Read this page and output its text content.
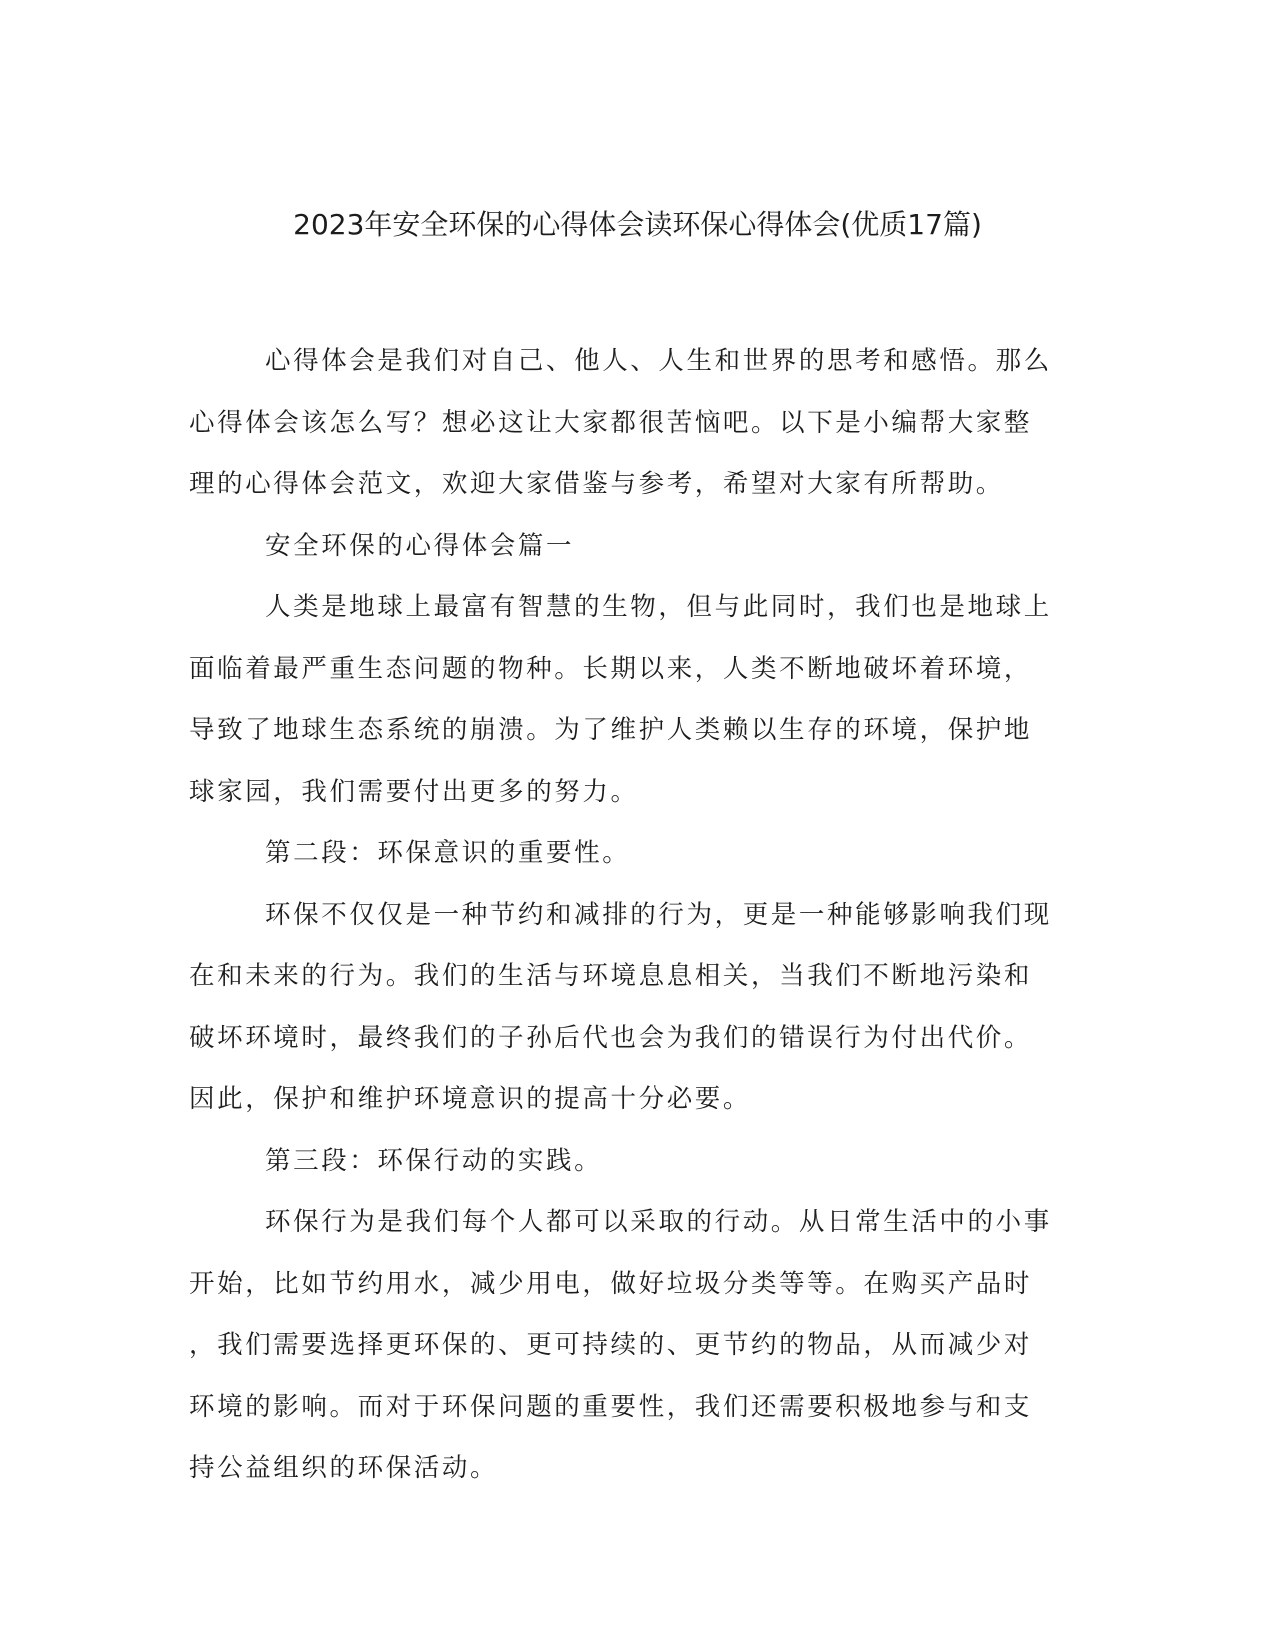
2023年安全环保的心得体会读环保心得体会(优质17篇)

心得体会是我们对自己、他人、人生和世界的思考和感悟。那么
心得体会该怎么写？想必这让大家都很苦恼吧。以下是小编帮大家整
理的心得体会范文，欢迎大家借鉴与参考，希望对大家有所帮助。

安全环保的心得体会篇一

人类是地球上最富有智慧的生物，但与此同时，我们也是地球上
面临着最严重生态问题的物种。长期以来，人类不断地破坏着环境，
导致了地球生态系统的崩溃。为了维护人类赖以生存的环境，保护地
球家园，我们需要付出更多的努力。

第二段：环保意识的重要性。

环保不仅仅是一种节约和减排的行为，更是一种能够影响我们现
在和未来的行为。我们的生活与环境息息相关，当我们不断地污染和
破坏环境时，最终我们的子孙后代也会为我们的错误行为付出代价。
因此，保护和维护环境意识的提高十分必要。

第三段：环保行动的实践。

环保行为是我们每个人都可以采取的行动。从日常生活中的小事
开始，比如节约用水，减少用电，做好垃圾分类等等。在购买产品时
，我们需要选择更环保的、更可持续的、更节约的物品，从而减少对
环境的影响。而对于环保问题的重要性，我们还需要积极地参与和支
持公益组织的环保活动。
